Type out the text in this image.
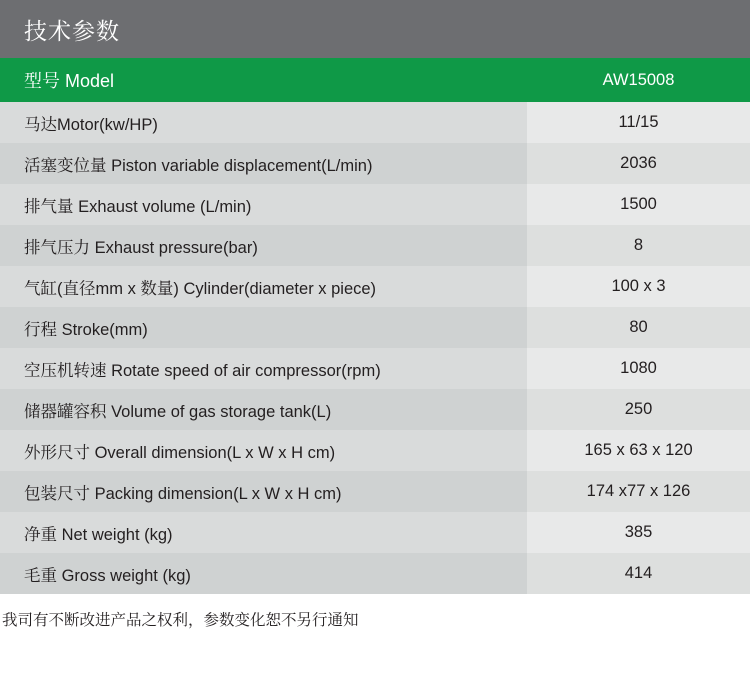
技术参数
型号 Model	AW15008
马达Motor(kw/HP)	11/15
活塞变位量 Piston variable displacement(L/min)	2036
排气量 Exhaust volume (L/min)	1500
排气压力 Exhaust pressure(bar)	8
气缸(直径mm x 数量) Cylinder(diameter x piece)	100 x 3
行程 Stroke(mm)	80
空压机转速 Rotate speed of air compressor(rpm)	1080
储器罐容积 Volume of gas storage tank(L)	250
外形尺寸 Overall dimension(L x W x H cm)	165 x 63 x 120
包装尺寸 Packing dimension(L x W x H cm)	174 x77 x 126
净重 Net weight (kg)	385
毛重 Gross weight (kg)	414
我司有不断改进产品之权利，参数变化恕不另行通知
